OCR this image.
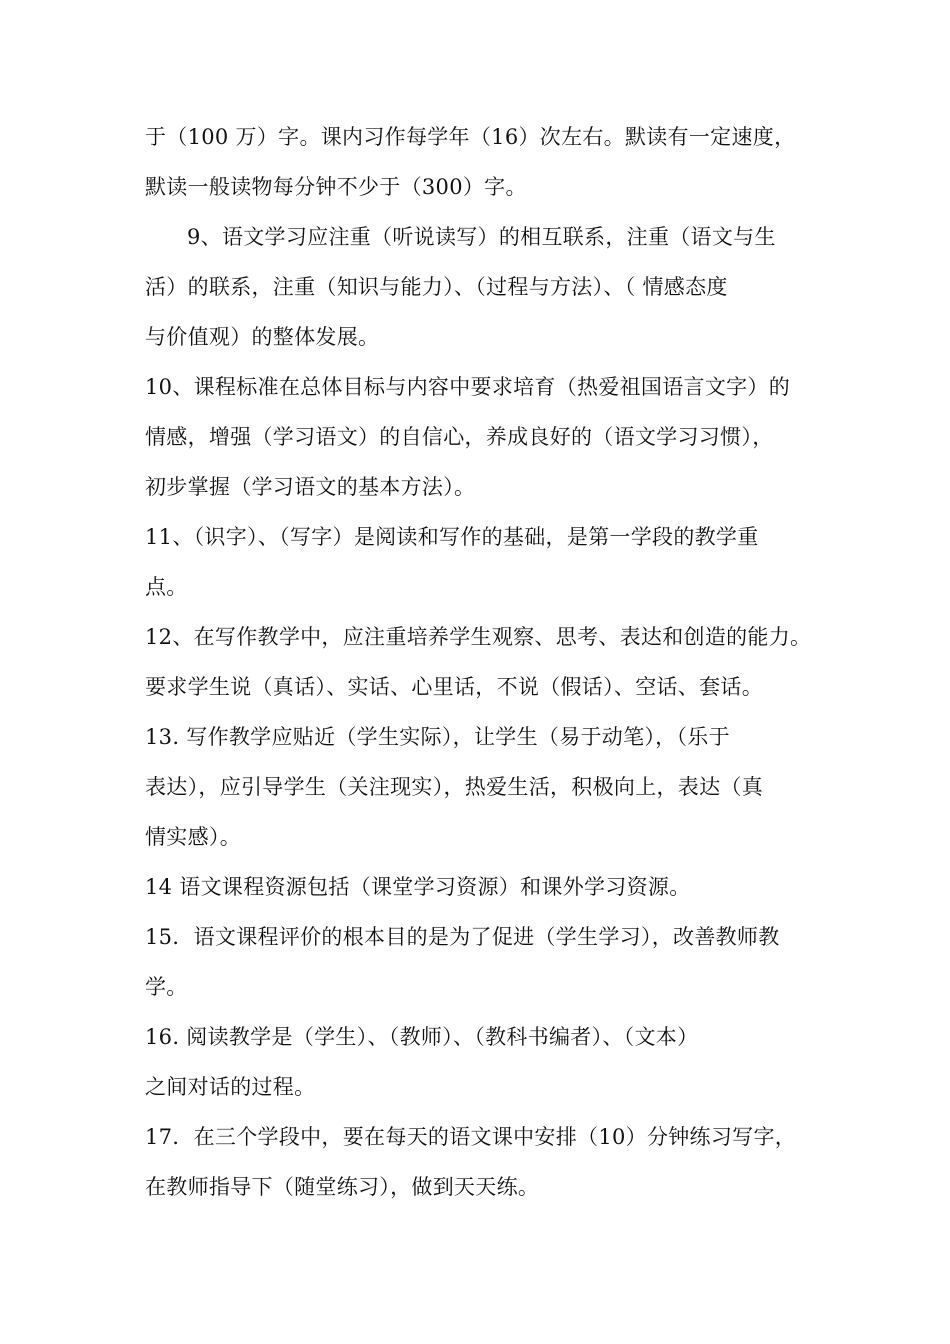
于（100 万）字。课内习作每学年（16）次左右。默读有一定速度，
默读一般读物每分钟不少于（300）字。
9、语文学习应注重（听说读写）的相互联系，注重（语文与生
活）的联系，注重（知识与能力）、（过程与方法）、（ 情感态度
与价值观）的整体发展。
10、课程标准在总体目标与内容中要求培育（热爱祖国语言文字）的
情感，增强（学习语文）的自信心，养成良好的（语文学习习惯），
初步掌握（学习语文的基本方法）。
11、（识字）、（写字）是阅读和写作的基础，是第一学段的教学重
点。
12、在写作教学中，应注重培养学生观察、思考、表达和创造的能力。
要求学生说（真话）、实话、心里话，不说（假话）、空话、套话。
13. 写作教学应贴近（学生实际），让学生（易于动笔），（乐于
表达），应引导学生（关注现实），热爱生活，积极向上，表达（真
情实感）。
14 语文课程资源包括（课堂学习资源）和课外学习资源。
15．语文课程评价的根本目的是为了促进（学生学习），改善教师教
学。
16. 阅读教学是（学生）、（教师）、（教科书编者）、（文本）
之间对话的过程。
17．在三个学段中，要在每天的语文课中安排（10）分钟练习写字，
在教师指导下（随堂练习），做到天天练。
